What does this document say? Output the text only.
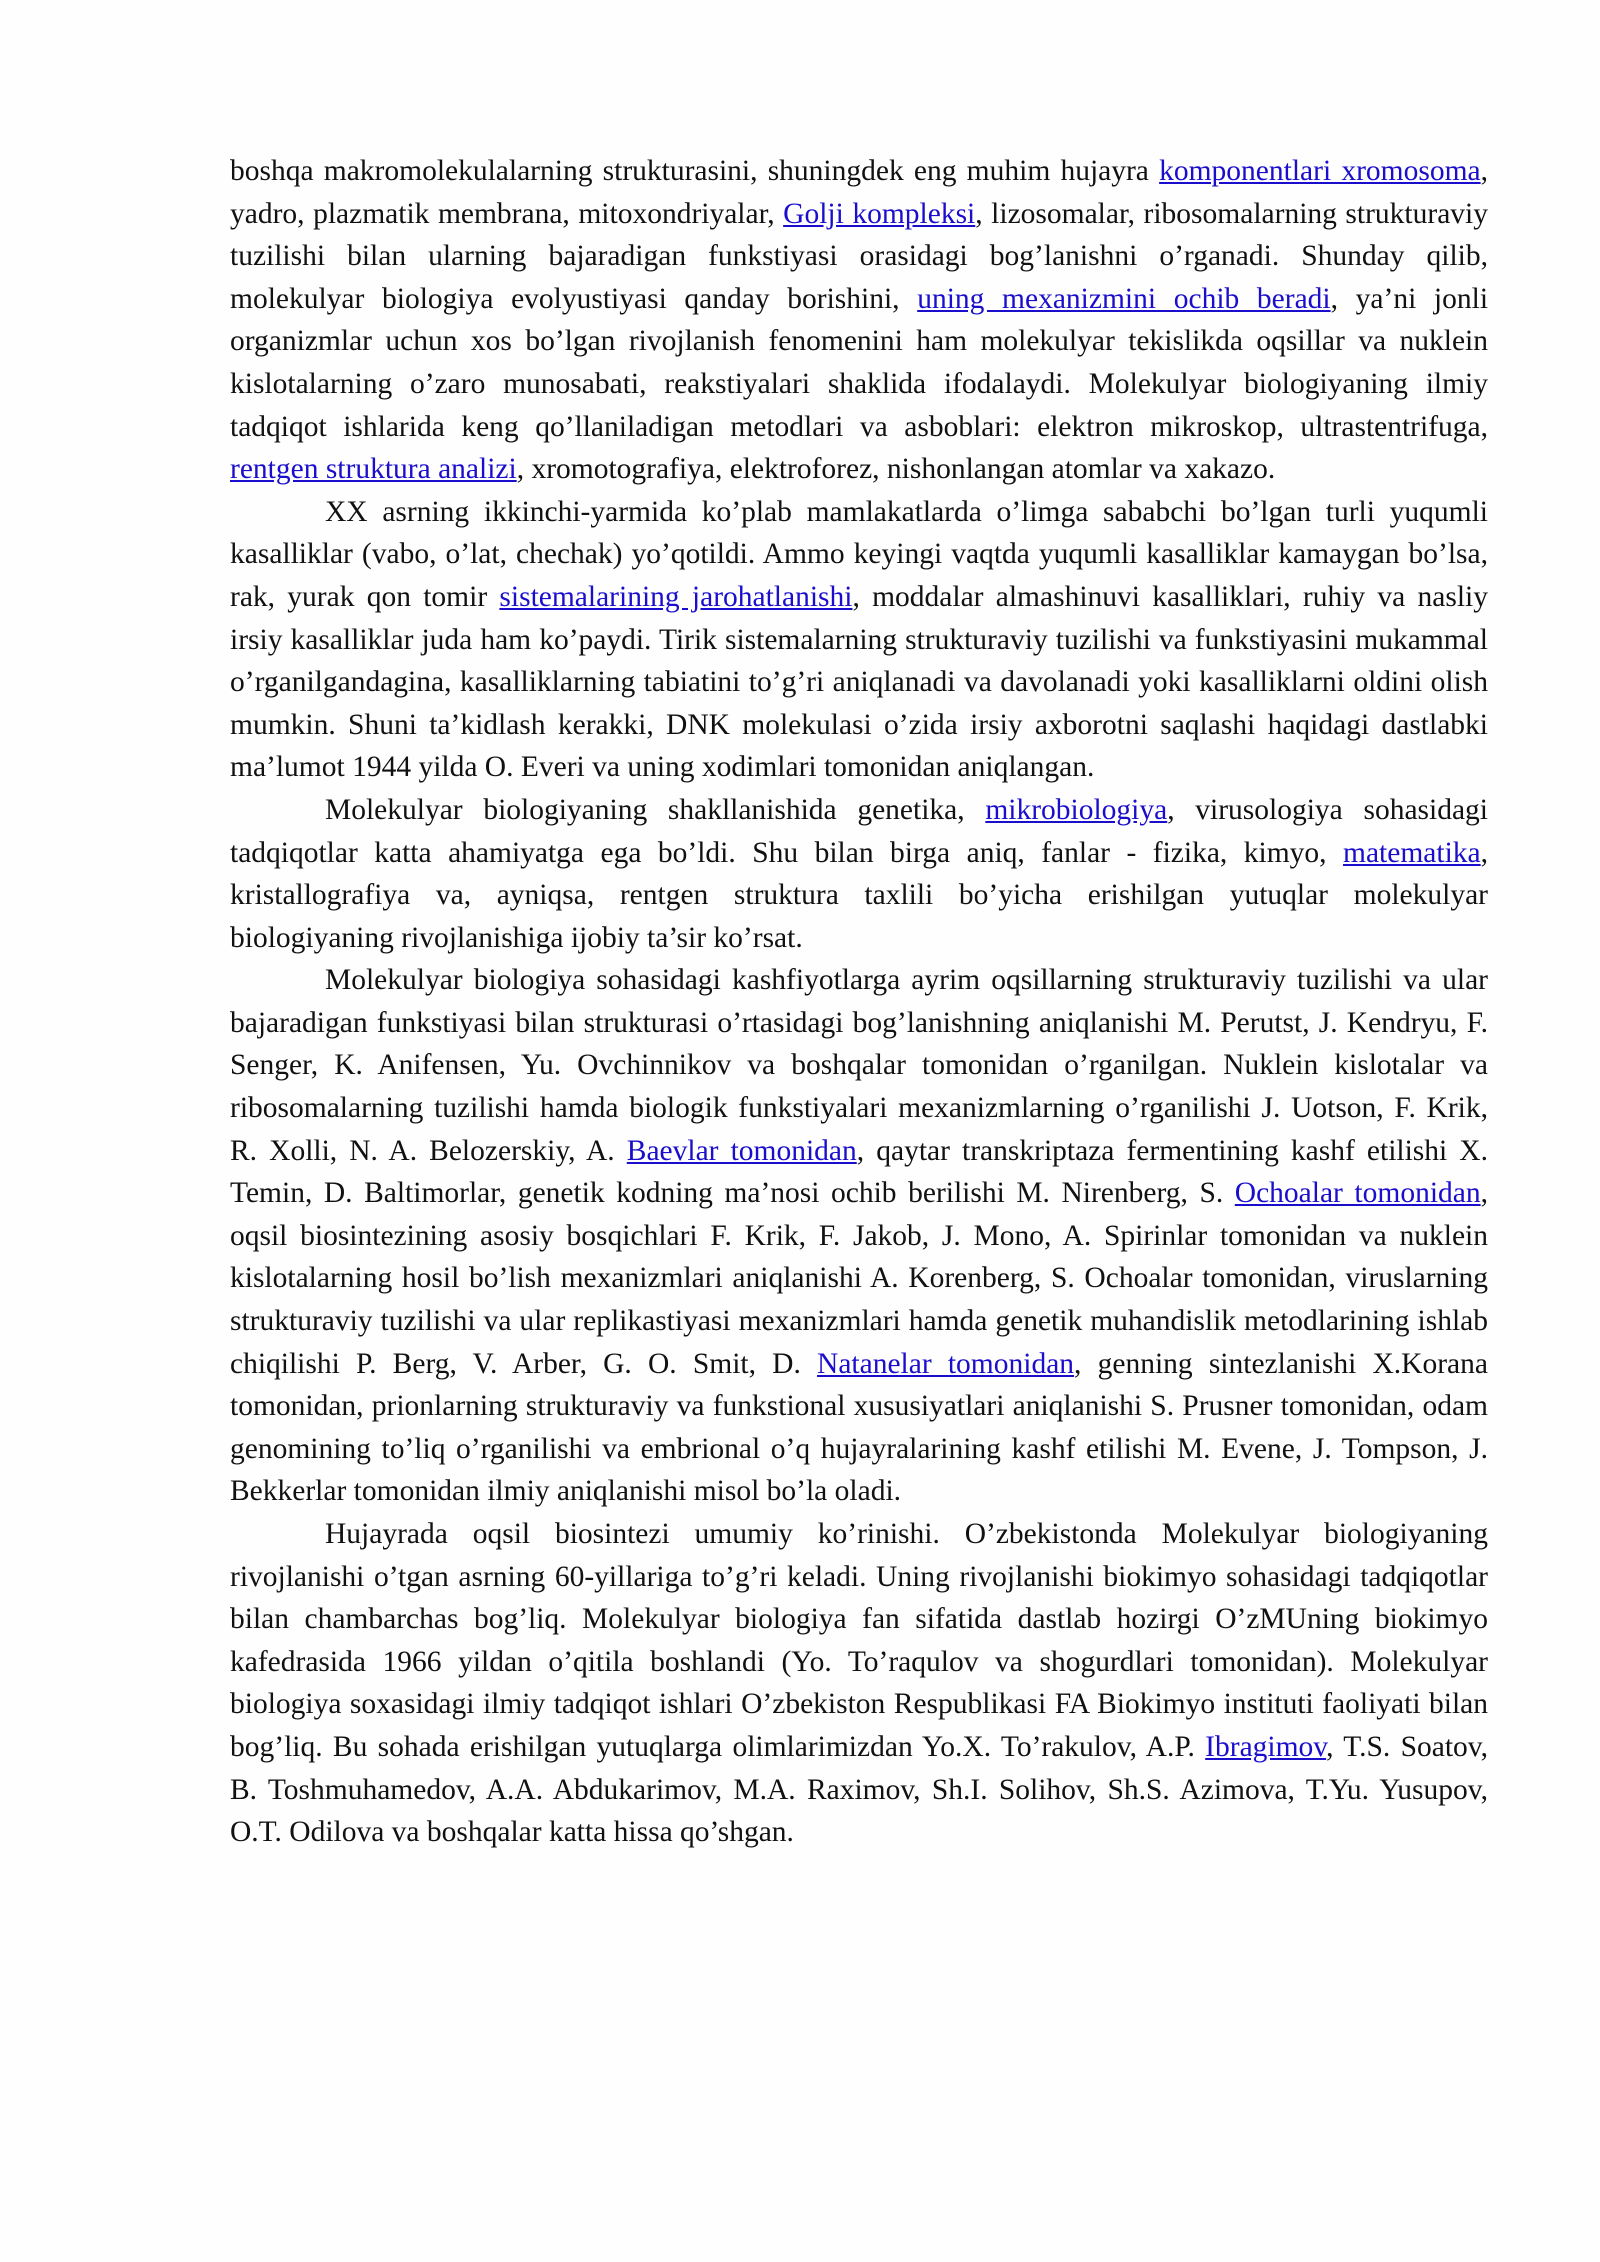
boshqa makromolekulalarning strukturasini, shuningdek eng muhim hujayra komponentlari xromosoma, yadro, plazmatik membrana, mitoxondriyalar, Golji kompleksi, lizosomalar, ribosomalarning strukturaviy tuzilishi bilan ularning bajaradigan funkstiyasi orasidagi bog’lanishni o’rganadi. Shunday qilib, molekulyar biologiya evolyustiyasi qanday borishini, uning mexanizmini ochib beradi, ya’ni jonli organizmlar uchun xos bo’lgan rivojlanish fenomenini ham molekulyar tekislikda oqsillar va nuklein kislotalarning o’zaro munosabati, reakstiyalari shaklida ifodalaydi. Molekulyar biologiyaning ilmiy tadqiqot ishlarida keng qo’llaniladigan metodlari va asboblari: elektron mikroskop, ultrastentrifuga, rentgen struktura analizi, xromotografiya, elektroforez, nishonlangan atomlar va xakazo.

XX asrning ikkinchi-yarmida ko’plab mamlakatlarda o’limga sababchi bo’lgan turli yuqumli kasalliklar (vabo, o’lat, chechak) yo’qotildi. Ammo keyingi vaqtda yuqumli kasalliklar kamaygan bo’lsa, rak, yurak qon tomir sistemalarining jarohatlanishi, moddalar almashinuvi kasalliklari, ruhiy va nasliy irsiy kasalliklar juda ham ko’paydi. Tirik sistemalarning strukturaviy tuzilishi va funkstiyasini mukammal o’rganilgandagina, kasalliklarning tabiatini to’g’ri aniqlanadi va davolanadi yoki kasalliklarni oldini olish mumkin. Shuni ta’kidlash kerakki, DNK molekulasi o’zida irsiy axborotni saqlashi haqidagi dastlabki ma’lumot 1944 yilda O. Everi va uning xodimlari tomonidan aniqlangan.

Molekulyar biologiyaning shakllanishida genetika, mikrobiologiya, virusologiya sohasidagi tadqiqotlar katta ahamiyatga ega bo’ldi. Shu bilan birga aniq, fanlar - fizika, kimyo, matematika, kristallografiya va, ayniqsa, rentgen struktura taxlili bo’yicha erishilgan yutuqlar molekulyar biologiyaning rivojlanishiga ijobiy ta’sir ko’rsat.

Molekulyar biologiya sohasidagi kashfiyotlarga ayrim oqsillarning strukturaviy tuzilishi va ular bajaradigan funkstiyasi bilan strukturasi o’rtasidagi bog’lanishning aniqlanishi M. Perutst, J. Kendryu, F. Senger, K. Anifensen, Yu. Ovchinnikov va boshqalar tomonidan o’rganilgan. Nuklein kislotalar va ribosomalarning tuzilishi hamda biologik funkstiyalari mexanizmlarning o’rganilishi J. Uotson, F. Krik, R. Xolli, N. A. Belozerskiy, A. Baevlar tomonidan, qaytar transkriptaza fermentining kashf etilishi X. Temin, D. Baltimorlar, genetik kodning ma’nosi ochib berilishi M. Nirenberg, S. Ochoalar tomonidan, oqsil biosintezining asosiy bosqichlari F. Krik, F. Jakob, J. Mono, A. Spirinlar tomonidan va nuklein kislotalarning hosil bo’lish mexanizmlari aniqlanishi A. Korenberg, S. Ochoalar tomonidan, viruslarning strukturaviy tuzilishi va ular replikastiyasi mexanizmlari hamda genetik muhandislik metodlarining ishlab chiqilishi P. Berg, V. Arber, G. O. Smit, D. Natanelar tomonidan, genning sintezlanishi X.Korana tomonidan, prionlarning strukturaviy va funkstional xususiyatlari aniqlanishi S. Prusner tomonidan, odam genomining to’liq o’rganilishi va embrional o’q hujayralarining kashf etilishi M. Evene, J. Tompson, J. Bekkerlar tomonidan ilmiy aniqlanishi misol bo’la oladi.

Hujayrada oqsil biosintezi umumiy ko’rinishi. O’zbekistonda Molekulyar biologiyaning rivojlanishi o’tgan asrning 60-yillariga to’g’ri keladi. Uning rivojlanishi biokimyo sohasidagi tadqiqotlar bilan chambarchas bog’liq. Molekulyar biologiya fan sifatida dastlab hozirgi O’zMUning biokimyo kafedrasida 1966 yildan o’qitila boshlandi (Yo. To’raqulov va shogurdlari tomonidan). Molekulyar biologiya soxasidagi ilmiy tadqiqot ishlari O’zbekiston Respublikasi FA Biokimyo instituti faoliyati bilan bog’liq. Bu sohada erishilgan yutuqlarga olimlarimizdan Yo.X. To’rakulov, A.P. Ibragimov, T.S. Soatov, B. Toshmuhamedov, A.A. Abdukarimov, M.A. Raximov, Sh.I. Solihov, Sh.S. Azimova, T.Yu. Yusupov, O.T. Odilova va boshqalar katta hissa qo’shgan.
